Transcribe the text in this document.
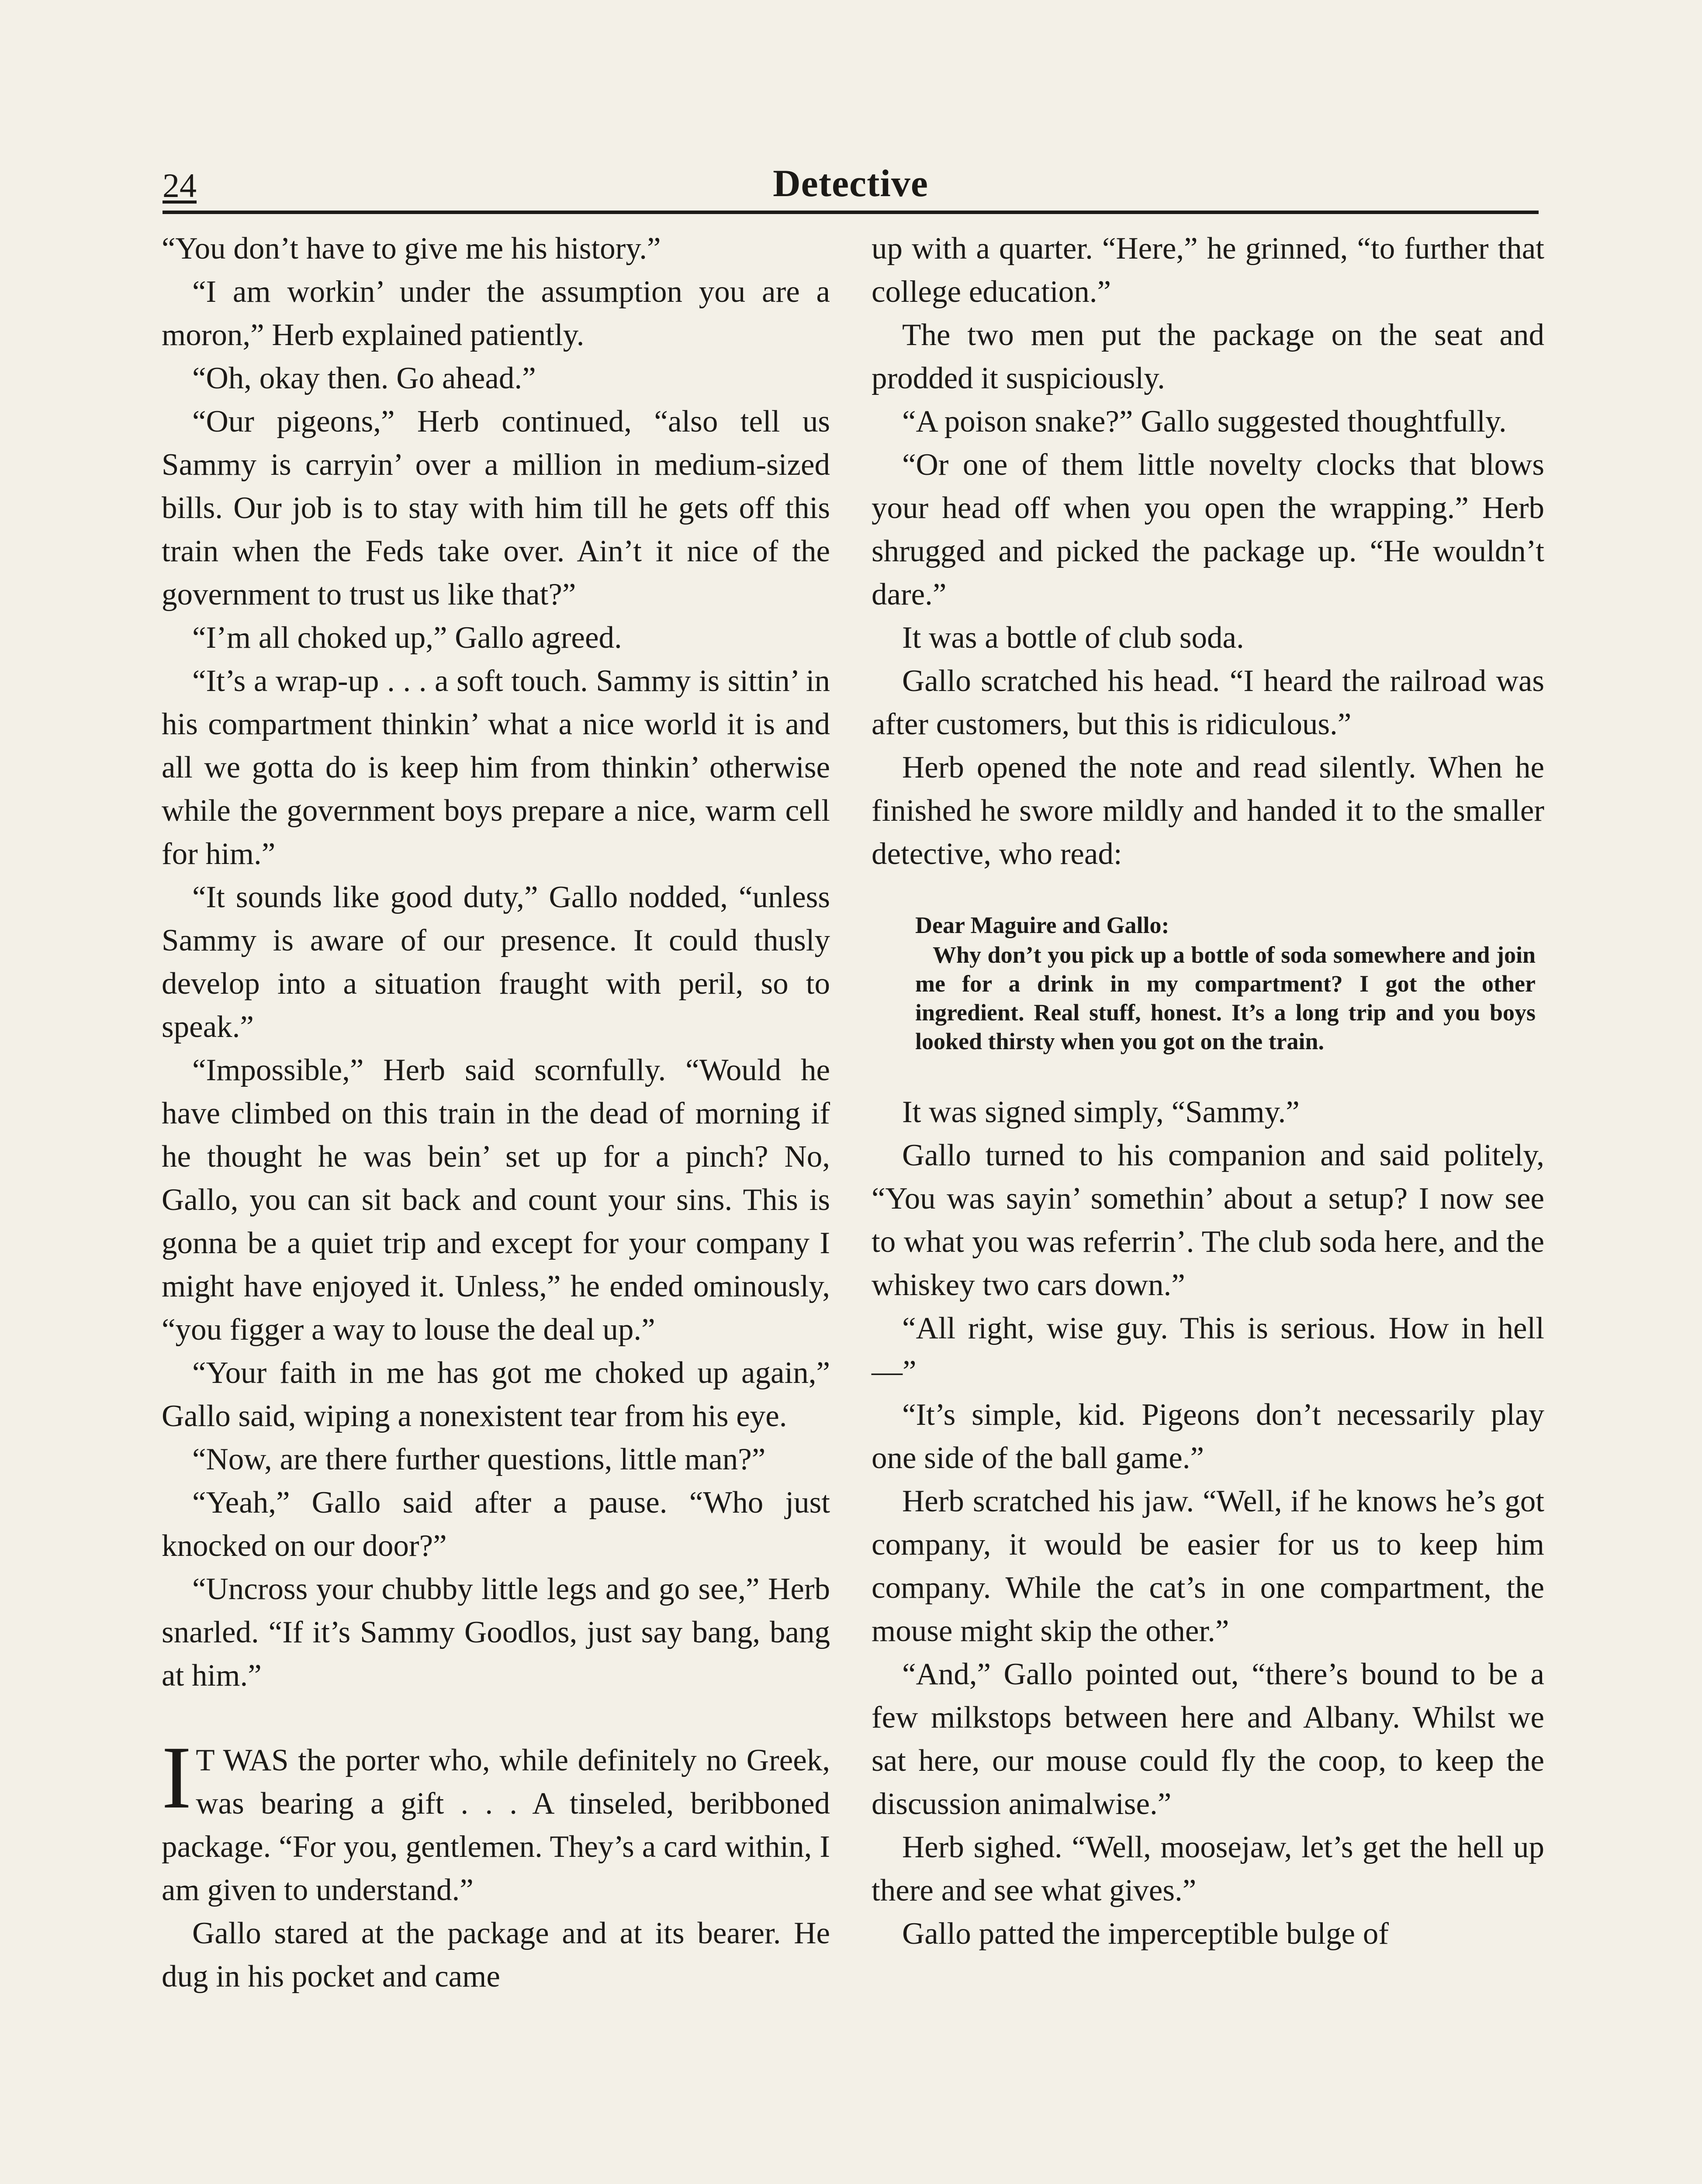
24	Detective

“You don’t have to give me his history.”

“I am workin’ under the assumption you are a moron,” Herb explained patiently.

“Oh, okay then. Go ahead.”

“Our pigeons,” Herb continued, “also tell us Sammy is carryin’ over a million in medium-sized bills. Our job is to stay with him till he gets off this train when the Feds take over. Ain’t it nice of the government to trust us like that?”

“I’m all choked up,” Gallo agreed.

“It’s a wrap-up . . . a soft touch. Sammy is sittin’ in his compartment thinkin’ what a nice world it is and all we gotta do is keep him from thinkin’ otherwise while the government boys prepare a nice, warm cell for him.”

“It sounds like good duty,” Gallo nodded, “unless Sammy is aware of our presence. It could thusly develop into a situation fraught with peril, so to speak.”

“Impossible,” Herb said scornfully. “Would he have climbed on this train in the dead of morning if he thought he was bein’ set up for a pinch? No, Gallo, you can sit back and count your sins. This is gonna be a quiet trip and except for your company I might have enjoyed it. Unless,” he ended ominously, “you figger a way to louse the deal up.”

“Your faith in me has got me choked up again,” Gallo said, wiping a nonexistent tear from his eye.

“Now, are there further questions, little man?”

“Yeah,” Gallo said after a pause. “Who just knocked on our door?”

“Uncross your chubby little legs and go see,” Herb snarled. “If it’s Sammy Goodlos, just say bang, bang at him.”

I T WAS the porter who, while definitely no Greek, was bearing a gift . . . A tinseled, beribboned package. “For you, gentlemen. They’s a card within, I am given to understand.”

Gallo stared at the package and at its bearer. He dug in his pocket and came

up with a quarter. “Here,” he grinned, “to further that college education.”

The two men put the package on the seat and prodded it suspiciously.

“A poison snake?” Gallo suggested thoughtfully.

“Or one of them little novelty clocks that blows your head off when you open the wrapping.” Herb shrugged and picked the package up. “He wouldn’t dare.”

It was a bottle of club soda.

Gallo scratched his head. “I heard the railroad was after customers, but this is ridiculous.”

Herb opened the note and read silently. When he finished he swore mildly and handed it to the smaller detective, who read:

Dear Maguire and Gallo:

Why don’t you pick up a bottle of soda somewhere and join me for a drink in my compartment? I got the other ingredient. Real stuff, honest. It’s a long trip and you boys looked thirsty when you got on the train.

It was signed simply, “Sammy.”

Gallo turned to his companion and said politely, “You was sayin’ somethin’ about a setup? I now see to what you was referrin’. The club soda here, and the whiskey two cars down.”

“All right, wise guy. This is serious. How in hell—”

“It’s simple, kid. Pigeons don’t necessarily play one side of the ball game.”

Herb scratched his jaw. “Well, if he knows he’s got company, it would be easier for us to keep him company. While the cat’s in one compartment, the mouse might skip the other.”

“And,” Gallo pointed out, “there’s bound to be a few milkstops between here and Albany. Whilst we sat here, our mouse could fly the coop, to keep the discussion animalwise.”

Herb sighed. “Well, moosejaw, let’s get the hell up there and see what gives.”

Gallo patted the imperceptible bulge of
